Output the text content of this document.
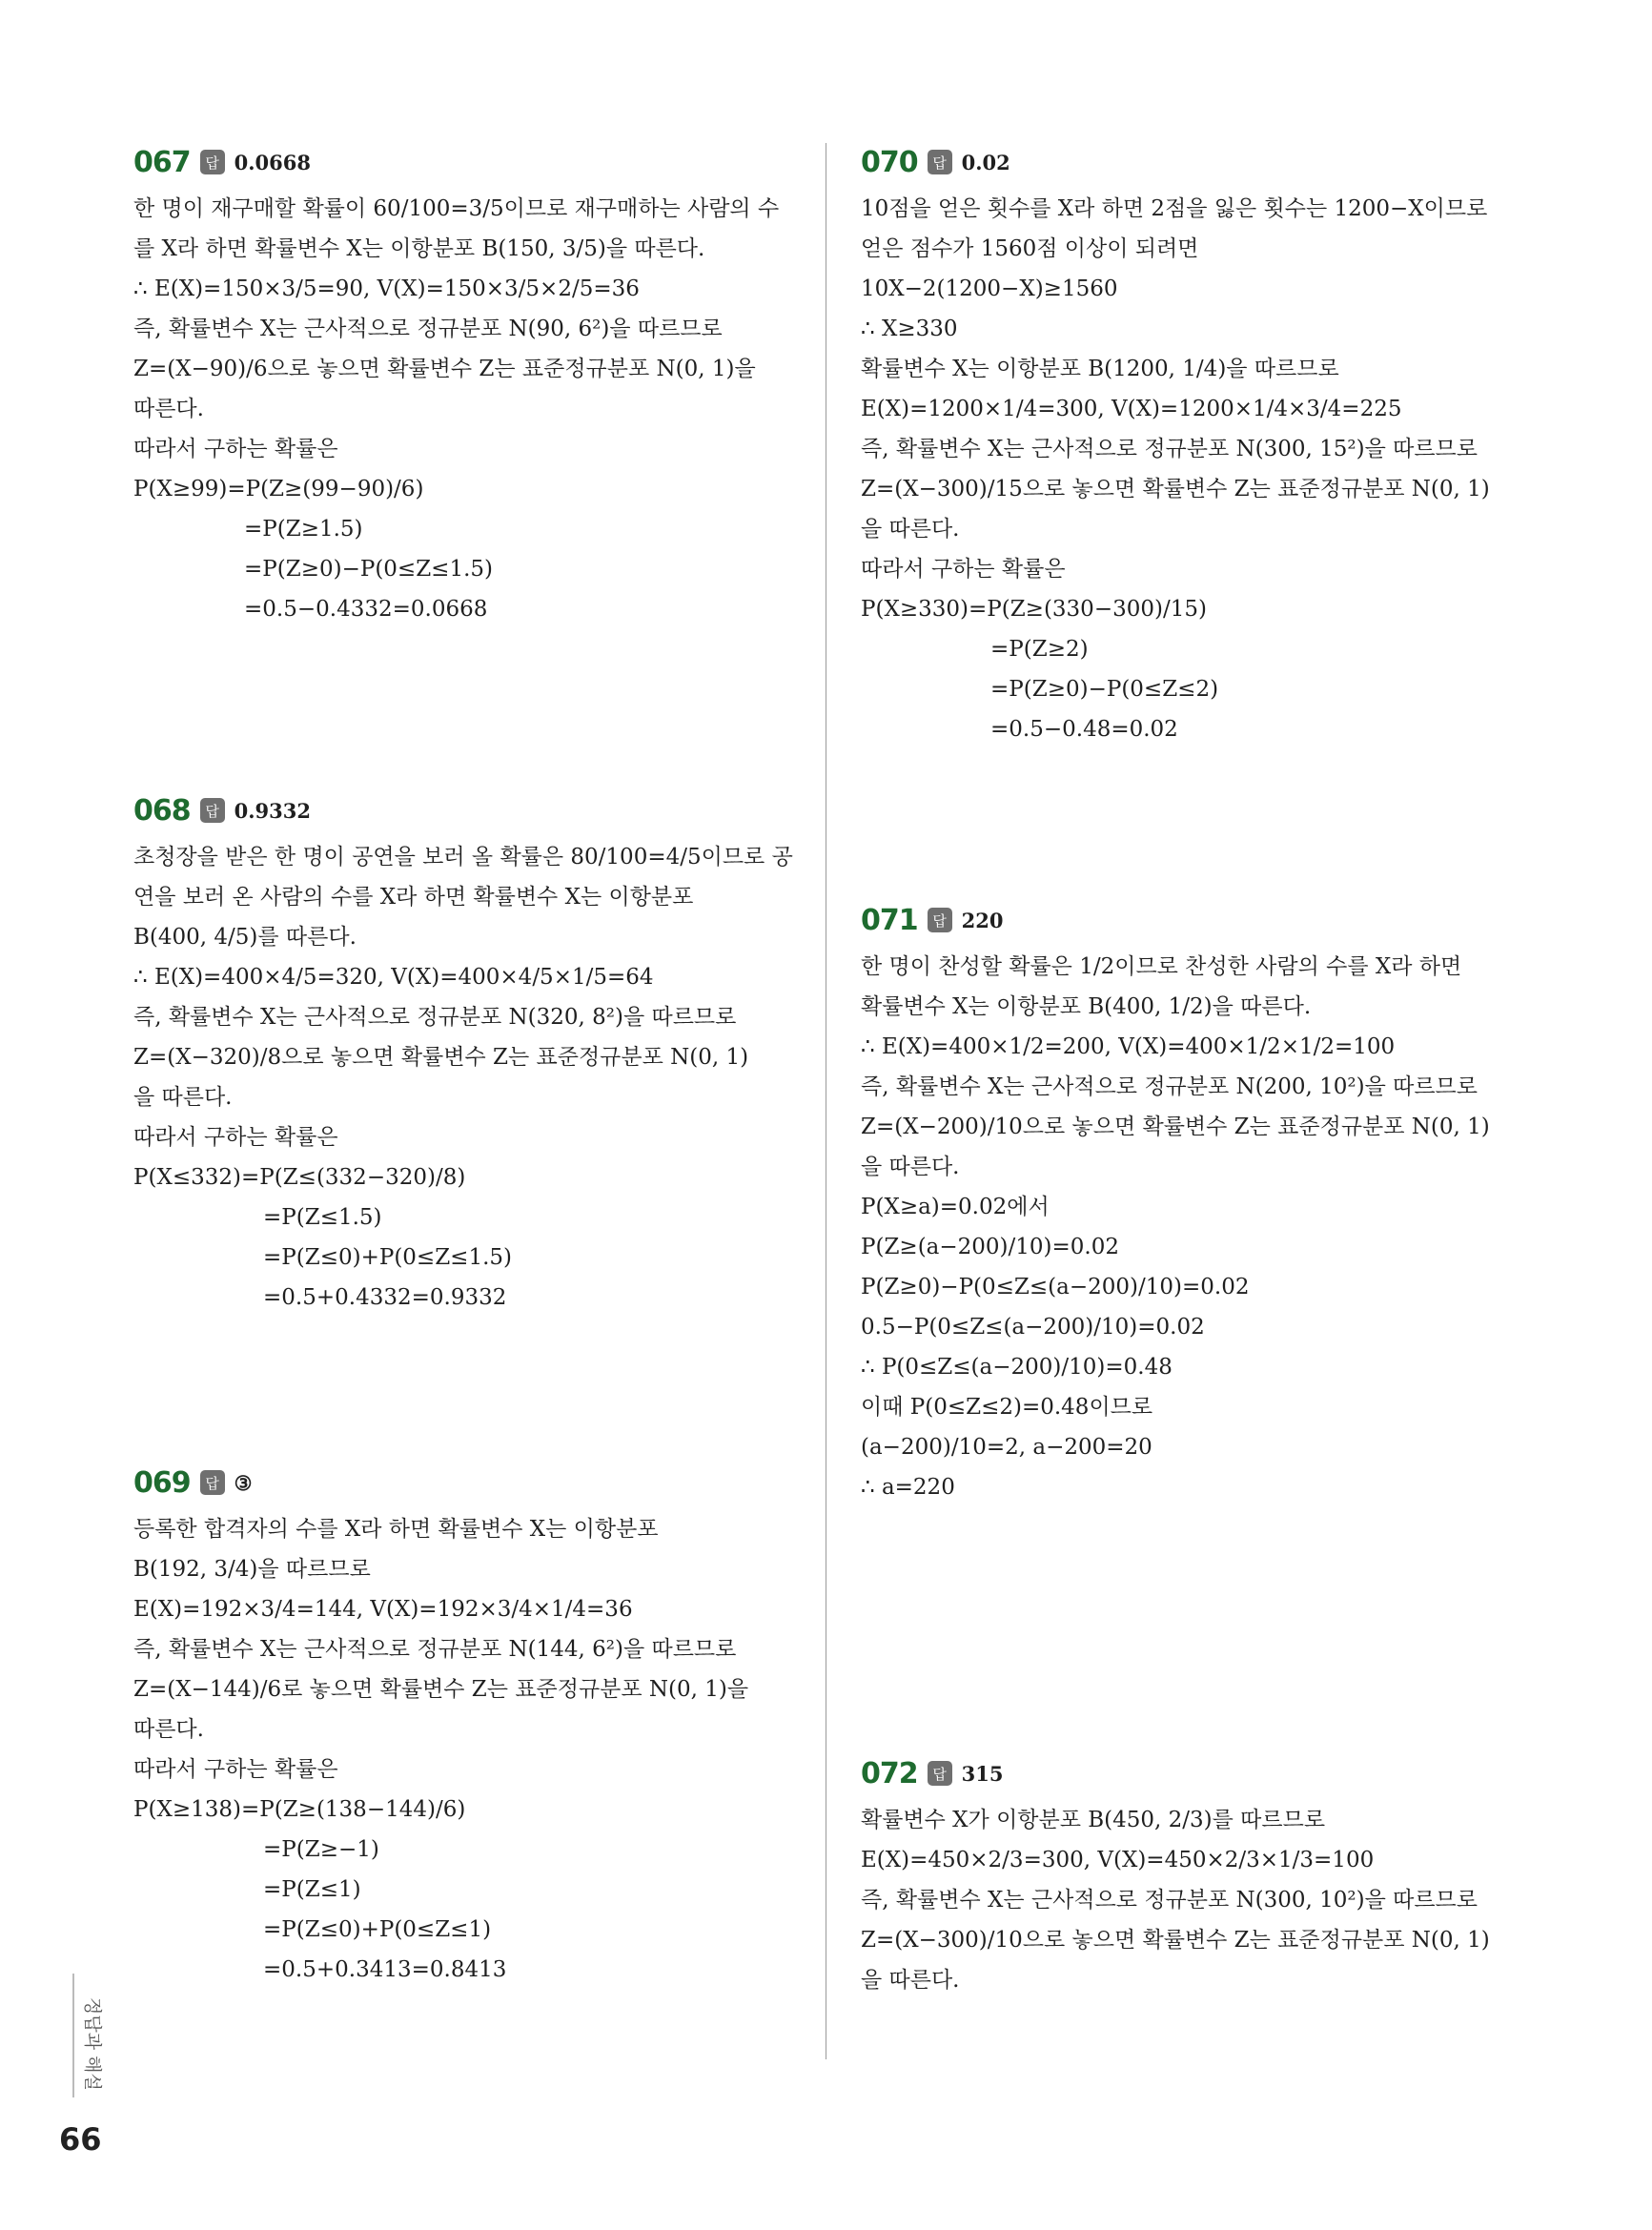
067	답 0.0668
한 명이 재구매할 확률이 60/100=3/5이므로 재구매하는 사람의 수
를 X라 하면 확률변수 X는 이항분포 B(150, 3/5)을 따른다.
∴ E(X)=150×3/5=90, V(X)=150×3/5×2/5=36
즉, 확률변수 X는 근사적으로 정규분포 N(90, 6²)을 따르므로
Z=(X−90)/6으로 놓으면 확률변수 Z는 표준정규분포 N(0, 1)을
따른다.
따라서 구하는 확률은
P(X≥99)=P(Z≥(99−90)/6)
=P(Z≥1.5)
=P(Z≥0)−P(0≤Z≤1.5)
=0.5−0.4332=0.0668
068	답 0.9332
초청장을 받은 한 명이 공연을 보러 올 확률은 80/100=4/5이므로 공
연을 보러 온 사람의 수를 X라 하면 확률변수 X는 이항분포
B(400, 4/5)를 따른다.
∴ E(X)=400×4/5=320, V(X)=400×4/5×1/5=64
즉, 확률변수 X는 근사적으로 정규분포 N(320, 8²)을 따르므로
Z=(X−320)/8으로 놓으면 확률변수 Z는 표준정규분포 N(0, 1)
을 따른다.
따라서 구하는 확률은
P(X≤332)=P(Z≤(332−320)/8)
=P(Z≤1.5)
=P(Z≤0)+P(0≤Z≤1.5)
=0.5+0.4332=0.9332
069	답 ③
등록한 합격자의 수를 X라 하면 확률변수 X는 이항분포
B(192, 3/4)을 따르므로
E(X)=192×3/4=144, V(X)=192×3/4×1/4=36
즉, 확률변수 X는 근사적으로 정규분포 N(144, 6²)을 따르므로
Z=(X−144)/6로 놓으면 확률변수 Z는 표준정규분포 N(0, 1)을
따른다.
따라서 구하는 확률은
P(X≥138)=P(Z≥(138−144)/6)
=P(Z≥−1)
=P(Z≤1)
=P(Z≤0)+P(0≤Z≤1)
=0.5+0.3413=0.8413
070	답 0.02
10점을 얻은 횟수를 X라 하면 2점을 잃은 횟수는 1200−X이므로
얻은 점수가 1560점 이상이 되려면
10X−2(1200−X)≥1560
∴ X≥330
확률변수 X는 이항분포 B(1200, 1/4)을 따르므로
E(X)=1200×1/4=300, V(X)=1200×1/4×3/4=225
즉, 확률변수 X는 근사적으로 정규분포 N(300, 15²)을 따르므로
Z=(X−300)/15으로 놓으면 확률변수 Z는 표준정규분포 N(0, 1)
을 따른다.
따라서 구하는 확률은
P(X≥330)=P(Z≥(330−300)/15)
=P(Z≥2)
=P(Z≥0)−P(0≤Z≤2)
=0.5−0.48=0.02
071	답 220
한 명이 찬성할 확률은 1/2이므로 찬성한 사람의 수를 X라 하면
확률변수 X는 이항분포 B(400, 1/2)을 따른다.
∴ E(X)=400×1/2=200, V(X)=400×1/2×1/2=100
즉, 확률변수 X는 근사적으로 정규분포 N(200, 10²)을 따르므로
Z=(X−200)/10으로 놓으면 확률변수 Z는 표준정규분포 N(0, 1)
을 따른다.
P(X≥a)=0.02에서
P(Z≥(a−200)/10)=0.02
P(Z≥0)−P(0≤Z≤(a−200)/10)=0.02
0.5−P(0≤Z≤(a−200)/10)=0.02
∴ P(0≤Z≤(a−200)/10)=0.48
이때 P(0≤Z≤2)=0.48이므로
(a−200)/10=2, a−200=20
∴ a=220
072	답 315
확률변수 X가 이항분포 B(450, 2/3)를 따르므로
E(X)=450×2/3=300, V(X)=450×2/3×1/3=100
즉, 확률변수 X는 근사적으로 정규분포 N(300, 10²)을 따르므로
Z=(X−300)/10으로 놓으면 확률변수 Z는 표준정규분포 N(0, 1)
을 따른다.
정답과 해설
66
